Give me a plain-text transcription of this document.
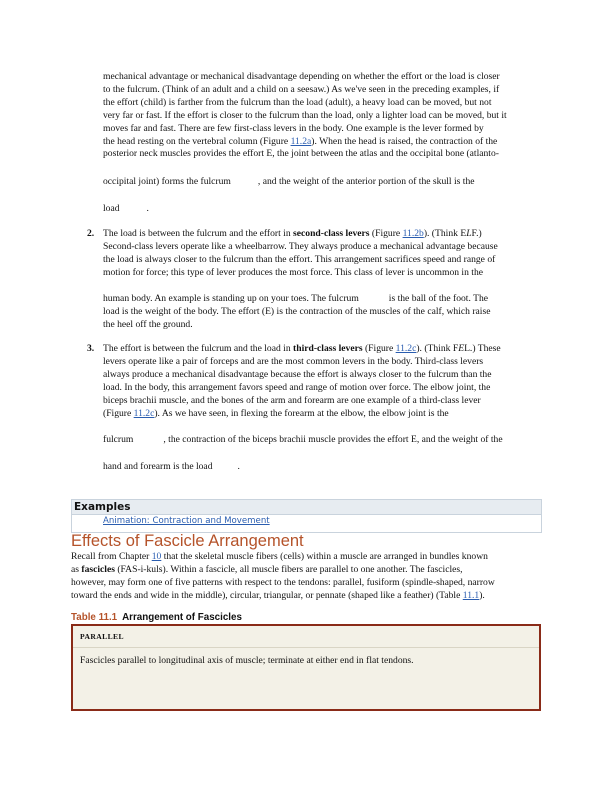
mechanical advantage or mechanical disadvantage depending on whether the effort or the load is closer
to the fulcrum. (Think of an adult and a child on a seesaw.) As we've seen in the preceding examples, if
the effort (child) is farther from the fulcrum than the load (adult), a heavy load can be moved, but not
very far or fast. If the effort is closer to the fulcrum than the load, only a lighter load can be moved, but it
moves far and fast. There are few first-class levers in the body. One example is the lever formed by
the head resting on the vertebral column (Figure 11.2a). When the head is raised, the contraction of the
posterior neck muscles provides the effort E, the joint between the atlas and the occipital bone (atlanto-
occipital joint) forms the fulcrum	, and the weight of the anterior portion of the skull is the
load	.
2. The load is between the fulcrum and the effort in second-class levers (Figure 11.2b). (Think ELF.)
Second-class levers operate like a wheelbarrow. They always produce a mechanical advantage because
the load is always closer to the fulcrum than the effort. This arrangement sacrifices speed and range of
motion for force; this type of lever produces the most force. This class of lever is uncommon in the
human body. An example is standing up on your toes. The fulcrum	is the ball of the foot. The
load is the weight of the body. The effort (E) is the contraction of the muscles of the calf, which raise
the heel off the ground.
3. The effort is between the fulcrum and the load in third-class levers (Figure 11.2c). (Think FEL.) These
levers operate like a pair of forceps and are the most common levers in the body. Third-class levers
always produce a mechanical disadvantage because the effort is always closer to the fulcrum than the
load. In the body, this arrangement favors speed and range of motion over force. The elbow joint, the
biceps brachii muscle, and the bones of the arm and forearm are one example of a third-class lever
(Figure 11.2c). As we have seen, in flexing the forearm at the elbow, the elbow joint is the
fulcrum	, the contraction of the biceps brachii muscle provides the effort E, and the weight of the
hand and forearm is the load	.
Examples
Animation: Contraction and Movement
Effects of Fascicle Arrangement
Recall from Chapter 10 that the skeletal muscle fibers (cells) within a muscle are arranged in bundles known
as fascicles (FAS-i-kuls). Within a fascicle, all muscle fibers are parallel to one another. The fascicles,
however, may form one of five patterns with respect to the tendons: parallel, fusiform (spindle-shaped, narrow
toward the ends and wide in the middle), circular, triangular, or pennate (shaped like a feather) (Table 11.1).
Table 11.1 Arrangement of Fascicles
PARALLEL
Fascicles parallel to longitudinal axis of muscle; terminate at either end in flat tendons.
